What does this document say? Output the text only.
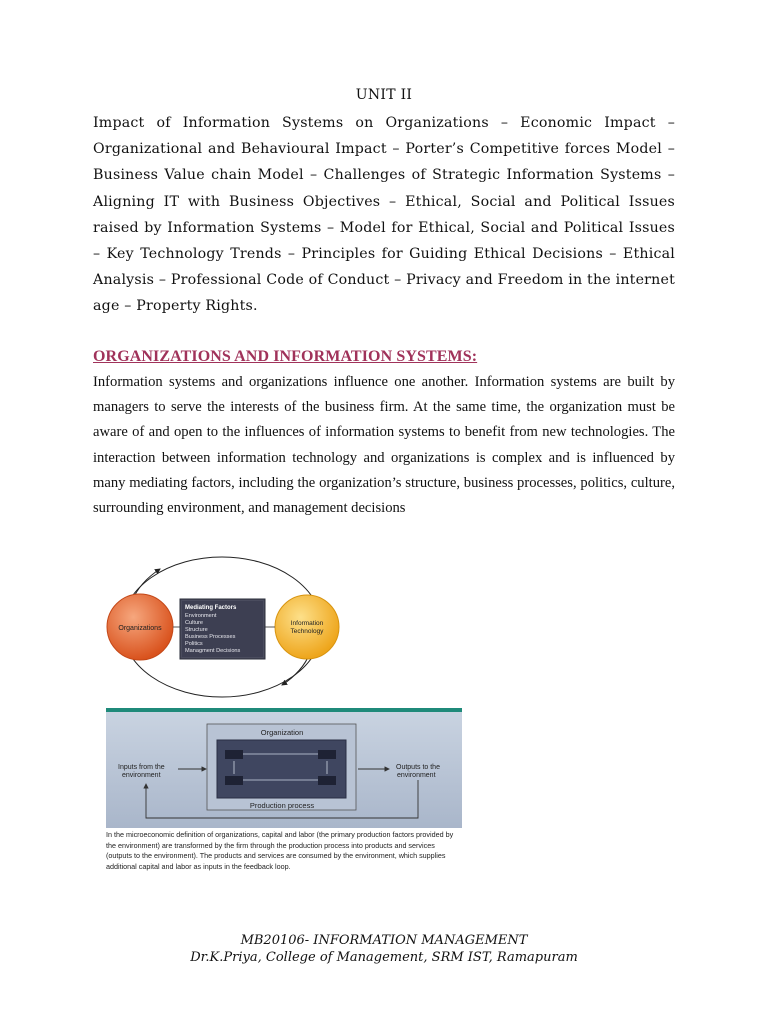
UNIT II
Impact of Information Systems on Organizations – Economic Impact – Organizational and Behavioural Impact – Porter’s Competitive forces Model – Business Value chain Model – Challenges of Strategic Information Systems – Aligning IT with Business Objectives – Ethical, Social and Political Issues raised by Information Systems – Model for Ethical, Social and Political Issues – Key Technology Trends – Principles for Guiding Ethical Decisions – Ethical Analysis – Professional Code of Conduct – Privacy and Freedom in the internet age – Property Rights.
ORGANIZATIONS AND INFORMATION SYSTEMS:
Information systems and organizations influence one another. Information systems are built by managers to serve the interests of the business firm. At the same time, the organization must be aware of and open to the influences of information systems to benefit from new technologies. The interaction between information technology and organizations is complex and is influenced by many mediating factors, including the organization’s structure, business processes, politics, culture, surrounding environment, and management decisions
Organizations
Information
Technology
Mediating Factors
Environment
Culture
Structure
Business Processes
Politics
Managment Decisions
Organization
Production process
Inputs from the
environment
Outputs to the
environment
In the microeconomic definition of organizations, capital and labor (the primary production factors provided by the environment) are transformed by the firm through the production process into products and services (outputs to the environment). The products and services are consumed by the environment, which supplies additional capital and labor as inputs in the feedback loop.
MB20106- INFORMATION MANAGEMENT
Dr.K.Priya, College of Management, SRM IST, Ramapuram
